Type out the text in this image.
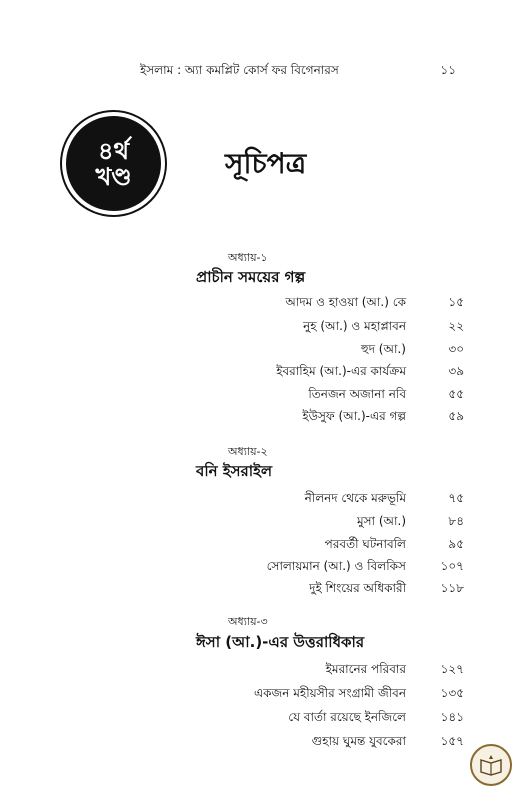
ইসলাম : অ্যা কমপ্লিট কোর্স ফর বিগেনারস	১১
৪র্থ
খণ্ড	সূচিপত্র
অধ্যায়-১
প্রাচীন সময়ের গল্প
আদম ও হাওয়া (আ.) কে	১৫
নুহ (আ.) ও মহাপ্লাবন	২২
হুদ (আ.)	৩০
ইবরাহিম (আ.)-এর কার্যক্রম	৩৯
তিনজন অজানা নবি	৫৫
ইউসুফ (আ.)-এর গল্প	৫৯
অধ্যায়-২
বনি ইসরাইল
নীলনদ থেকে মরুভূমি	৭৫
মুসা (আ.)	৮৪
পরবর্তী ঘটনাবলি	৯৫
সোলায়মান (আ.) ও বিলকিস	১০৭
দুই শিংয়ের অধিকারী	১১৮
অধ্যায়-৩
ঈসা (আ.)-এর উত্তরাধিকার
ইমরানের পরিবার	১২৭
একজন মহীয়সীর সংগ্রামী জীবন	১৩৫
যে বার্তা রয়েছে ইনজিলে	১৪১
গুহায় ঘুমন্ত যুবকেরা	১৫৭
